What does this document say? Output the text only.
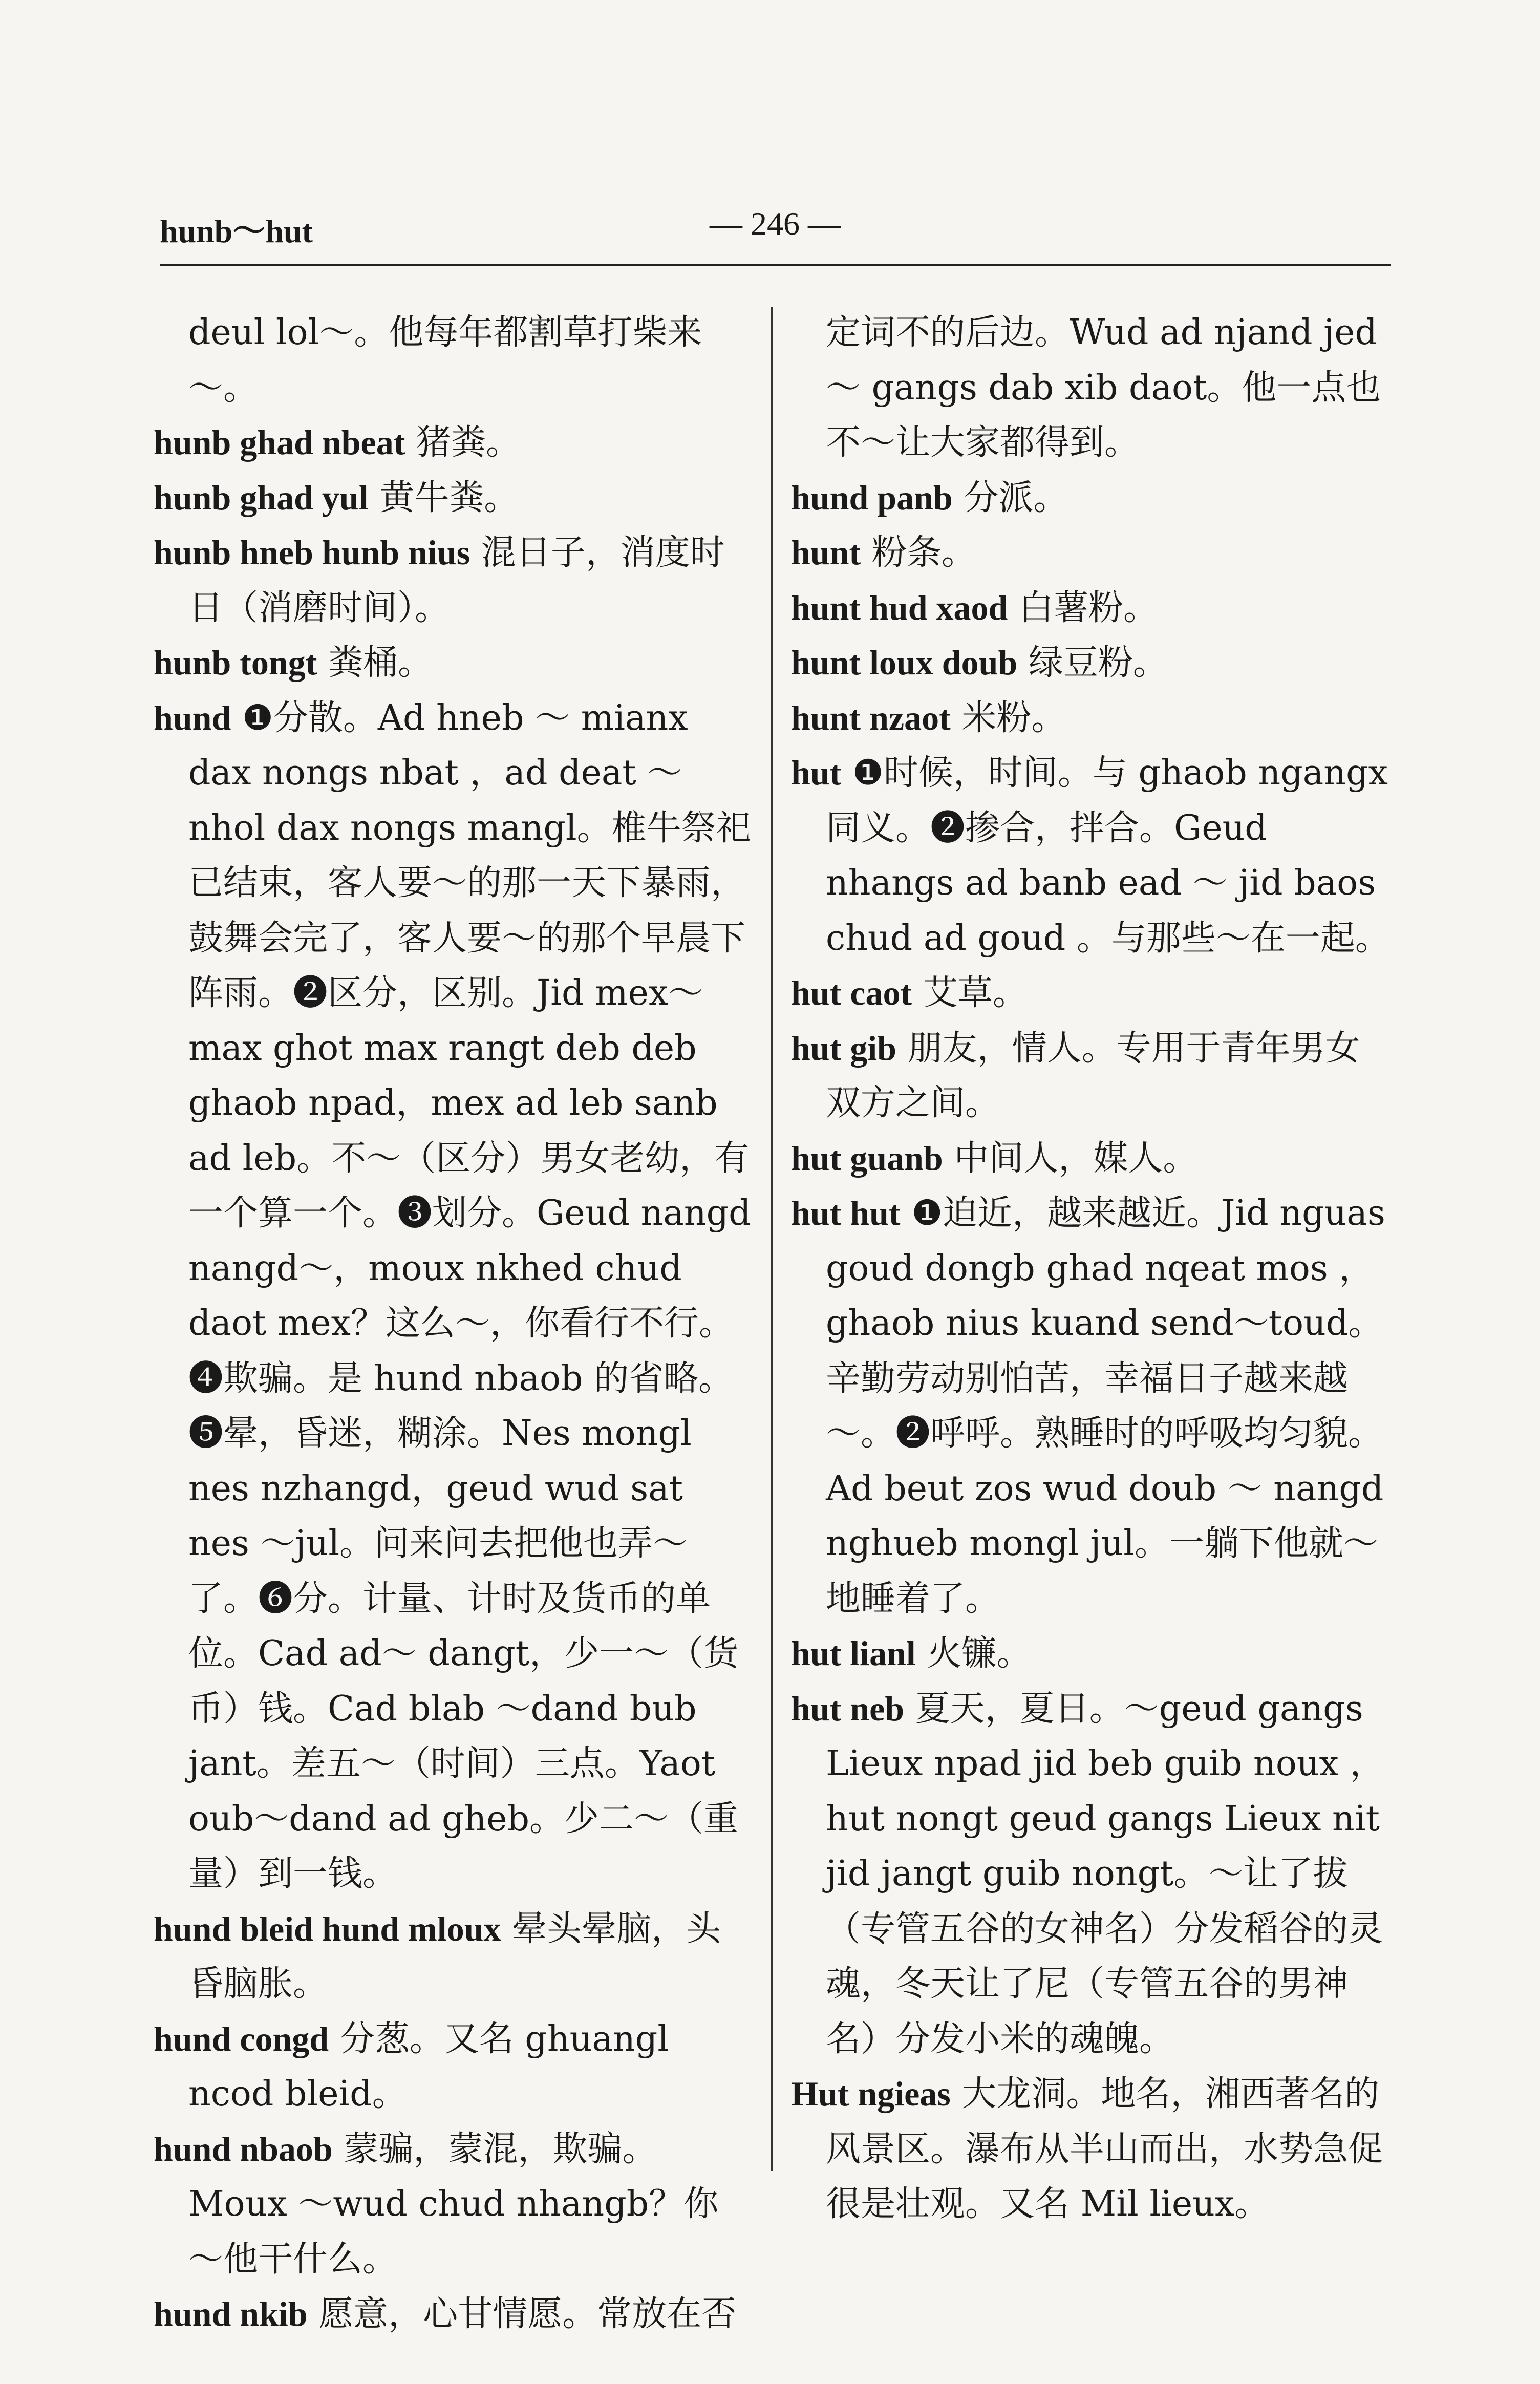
hunb～hut	— 246 —

deul lol～。他每年都割草打柴来～。

hunb ghad nbeat 猪粪。

hunb ghad yul 黄牛粪。

hunb hneb hunb nius 混日子，消度时日（消磨时间）。

hunb tongt 粪桶。

hund ❶分散。Ad hneb ～ mianx dax nongs nbat ，ad deat ～ nhol dax nongs mangl。椎牛祭祀已结束，客人要～的那一天下暴雨，鼓舞会完了，客人要～的那个早晨下阵雨。❷区分，区别。Jid mex～ max ghot max rangt deb deb ghaob npad，mex ad leb sanb ad leb。不～（区分）男女老幼，有一个算一个。❸划分。Geud nangd nangd～，moux nkhed chud daot mex？这么～，你看行不行。❹欺骗。是 hund nbaob 的省略。❺晕，昏迷，糊涂。Nes mongl nes nzhangd，geud wud sat nes ～jul。问来问去把他也弄～了。❻分。计量、计时及货币的单位。Cad ad～ dangt，少一～（货币）钱。Cad blab ～dand bub jant。差五～（时间）三点。Yaot oub～dand ad gheb。少二～（重量）到一钱。

hund bleid hund mloux 晕头晕脑，头昏脑胀。

hund congd 分葱。又名 ghuangl ncod bleid。

hund nbaob 蒙骗，蒙混，欺骗。Moux ～wud chud nhangb？你～他干什么。

hund nkib 愿意，心甘情愿。常放在否

定词不的后边。Wud ad njand jed ～ gangs dab xib daot。他一点也不～让大家都得到。

hund panb 分派。

hunt 粉条。

hunt hud xaod 白薯粉。

hunt loux doub 绿豆粉。

hunt nzaot 米粉。

hut ❶时候，时间。与 ghaob ngangx 同义。❷掺合，拌合。Geud nhangs ad banb ead ～ jid baos chud ad goud 。与那些～在一起。

hut caot 艾草。

hut gib 朋友，情人。专用于青年男女双方之间。

hut guanb 中间人，媒人。

hut hut ❶迫近，越来越近。Jid nguas goud dongb ghad nqeat mos ，ghaob nius kuand send～toud。辛勤劳动别怕苦，幸福日子越来越～。❷呼呼。熟睡时的呼吸均匀貌。Ad beut zos wud doub ～ nangd nghueb mongl jul。一躺下他就～地睡着了。

hut lianl 火镰。

hut neb 夏天，夏日。～geud gangs Lieux npad jid beb guib noux ，hut nongt geud gangs Lieux nit jid jangt guib nongt。～让了拔（专管五谷的女神名）分发稻谷的灵魂，冬天让了尼（专管五谷的男神名）分发小米的魂魄。

Hut ngieas 大龙洞。地名，湘西著名的风景区。瀑布从半山而出，水势急促很是壮观。又名 Mil lieux。
